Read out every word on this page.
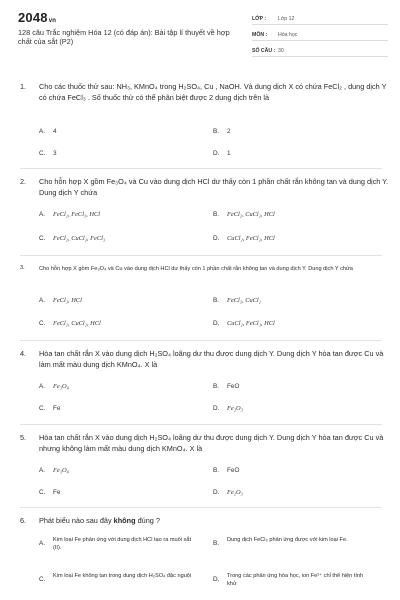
2048vn
128 câu Trắc nghiệm Hóa 12 (có đáp án): Bài tập lí thuyết về hợp chất của sắt (P2)
LỚP :	Lớp 12
MÔN :	Hóa học
SỐ CÂU : 30
1. Cho các thuốc thử sau: NH₃, KMnO₄ trong H₂SO₄, Cu , NaOH. Và dung dịch X có chứa FeCl₂ , dung dịch Y có chứa FeCl₃ . Số thuốc thử có thể phân biệt được 2 dung dịch trên là
A. 4	B. 2
C. 3	D. 1
2. Cho hỗn hợp X gồm Fe₃O₄ và Cu vào dung dịch HCl dư thấy còn 1 phần chất rắn không tan và dung dịch Y. Dung dịch Y chứa
A. FeCl₂, FeCl₃, HCl	B. FeCl₂, CuCl₂, HCl
C. FeCl₂, CuCl₂, FeCl₃	D. CuCl₂, FeCl₂, HCl
3.	Cho hỗn hợp X gồm Fe₃O₄ và Cu vào dung dịch HCl dư thấy còn 1 phần chất rắn không tan và dung dịch Y. Dung dịch Y chứa
A. FeCl₃, HCl	B. FeCl₃, CuCl₂
C. FeCl₂, CuCl₂, HCl	D. CuCl₂, FeCl₃, HCl
4. Hòa tan chất rắn X vào dung dịch H₂SO₄ loãng dư thu được dung dịch Y. Dung dịch Y hòa tan được Cu và làm mất màu dung dịch KMnO₄. X là
A. Fe₃O₄	B. FeO
C. Fe	D. Fe₂O₃
5. Hòa tan chất rắn X vào dung dịch H₂SO₄ loãng dư thu được dung dịch Y. Dung dịch Y hòa tan được Cu và nhưng không làm mất màu dung dịch KMnO₄. X là
A. Fe₃O₄	B. FeO
C. Fe	D. Fe₂O₃
6. Phát biểu nào sau đây không đúng ?
A. Kim loại Fe phản ứng với dung dịch HCl tạo ra muối sắt (II).
B. Dung dịch FeCl₃ phản ứng được với kim loại Fe.
C. Kim loại Fe không tan trong dung dịch H₂SO₄ đặc nguội	D. Trong các phản ứng hóa học, ion Fe²⁺ chỉ thể hiện tính khử
